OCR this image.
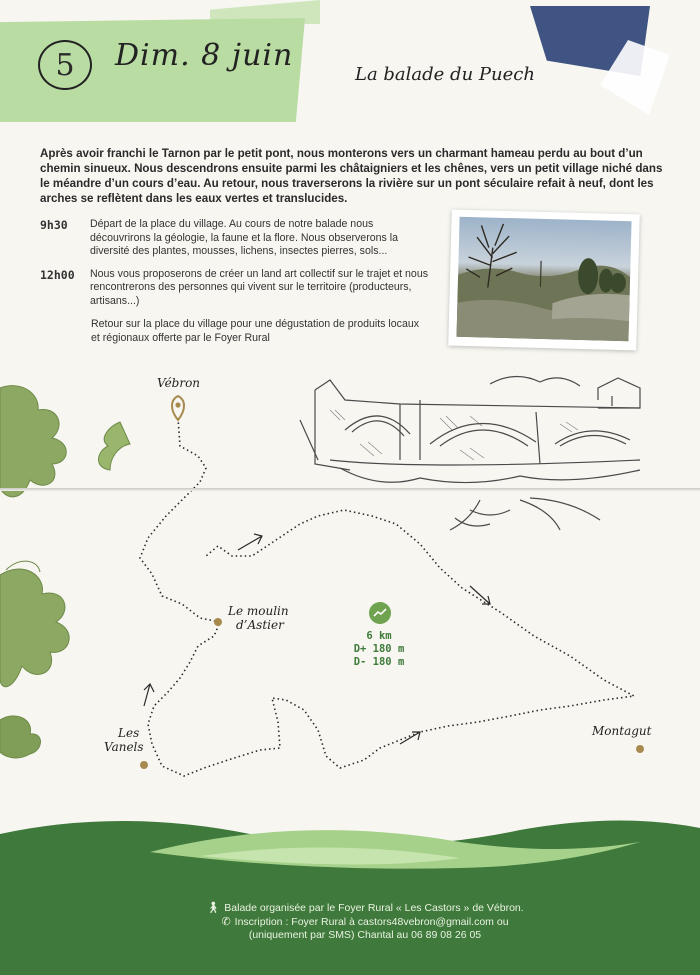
5	Dim. 8 juin
La balade du Puech
Après avoir franchi le Tarnon par le petit pont, nous monterons vers un charmant hameau perdu au bout d’un chemin sinueux. Nous descendrons ensuite parmi les châtaigniers et les chênes, vers un petit village niché dans le méandre d’un cours d’eau. Au retour, nous traverserons la rivière sur un pont séculaire refait à neuf, dont les arches se reflètent dans les eaux vertes et translucides.
9h30	Départ de la place du village. Au cours de notre balade nous découvrirons la géologie, la faune et la flore. Nous observerons la diversité des plantes, mousses, lichens, insectes pierres, sols...
12h00	Nous vous proposerons de créer un land art collectif sur le trajet et nous rencontrerons des personnes qui vivent sur le territoire (producteurs, artisans...)
Retour sur la place du village pour une dégustation de produits locaux et régionaux offerte par le Foyer Rural
Vébron
Le moulin
d’Astier
Les
Vanels
Montagut
6 km
D+ 180 m
D- 180 m
🚶︎ Balade organisée par le Foyer Rural « Les Castors » de Vébron.
✆ Inscription : Foyer Rural à castors48vebron@gmail.com ou
(uniquement par SMS) Chantal au 06 89 08 26 05
